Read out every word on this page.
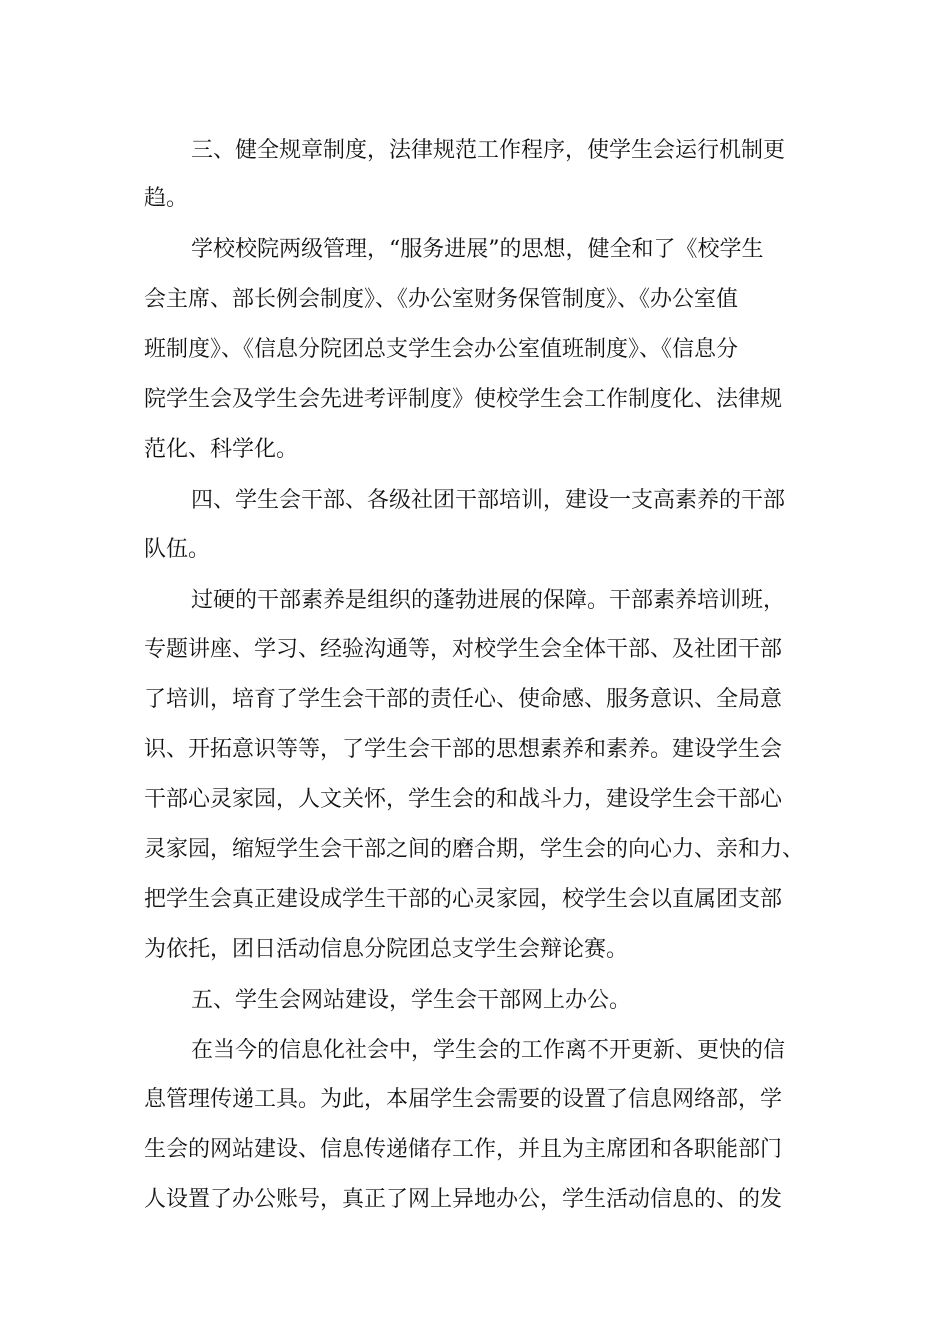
三、健全规章制度，法律规范工作程序，使学生会运行机制更
趋。
学校校院两级管理，“服务进展”的思想，健全和了《校学生
会主席、部长例会制度》、《办公室财务保管制度》、《办公室值
班制度》、《信息分院团总支学生会办公室值班制度》、《信息分
院学生会及学生会先进考评制度》使校学生会工作制度化、法律规
范化、科学化。
四、学生会干部、各级社团干部培训，建设一支高素养的干部
队伍。
过硬的干部素养是组织的蓬勃进展的保障。干部素养培训班，
专题讲座、学习、经验沟通等，对校学生会全体干部、及社团干部
了培训，培育了学生会干部的责任心、使命感、服务意识、全局意
识、开拓意识等等，了学生会干部的思想素养和素养。建设学生会
干部心灵家园，人文关怀，学生会的和战斗力，建设学生会干部心
灵家园，缩短学生会干部之间的磨合期，学生会的向心力、亲和力、
把学生会真正建设成学生干部的心灵家园，校学生会以直属团支部
为依托，团日活动信息分院团总支学生会辩论赛。
五、学生会网站建设，学生会干部网上办公。
在当今的信息化社会中，学生会的工作离不开更新、更快的信
息管理传递工具。为此，本届学生会需要的设置了信息网络部，学
生会的网站建设、信息传递储存工作，并且为主席团和各职能部门
人设置了办公账号，真正了网上异地办公，学生活动信息的、的发
